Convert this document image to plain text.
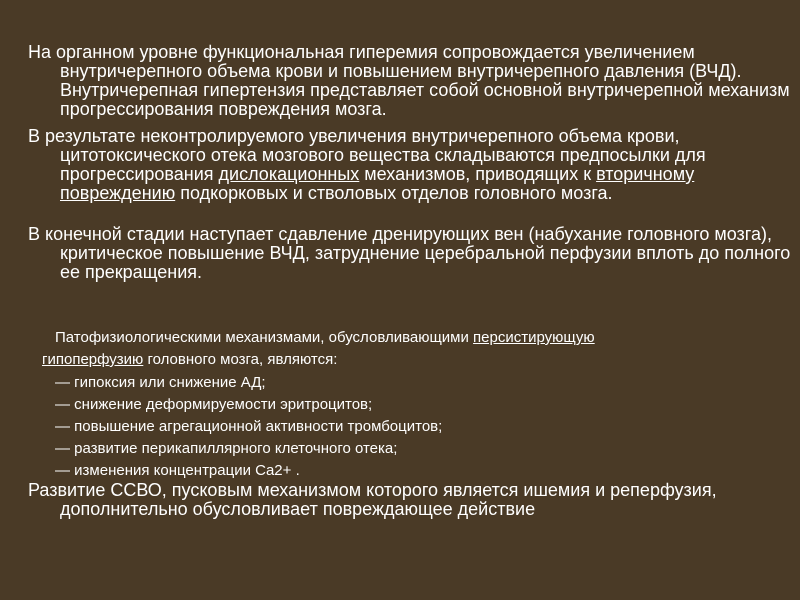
На органном уровне функциональная гиперемия сопровождается увеличением внутричерепного объема крови и повышением внутричерепного давления (ВЧД). Внутричерепная гипертензия представляет собой основной внутричерепной механизм прогрессирования повреждения мозга.

В результате неконтролируемого увеличения внутричерепного объема крови, цитотоксического отека мозгового вещества складываются предпосылки для прогрессирования дислокационных механизмов, приводящих к вторичному повреждению подкорковых и стволовых отделов головного мозга.

В конечной стадии наступает сдавление дренирующих вен (набухание головного мозга), критическое повышение ВЧД, затруднение церебральной перфузии вплоть до полного ее прекращения.

Патофизиологическими механизмами, обусловливающими персистирующую
гипоперфузию головного мозга, являются:
— гипоксия или снижение АД;
— снижение деформируемости эритроцитов;
— повышение агрегационной активности тромбоцитов;
— развитие перикапиллярного клеточного отека;
— изменения концентрации Ca2+ .

Развитие ССВО, пусковым механизмом которого является ишемия и реперфузия, дополнительно обусловливает повреждающее действие
